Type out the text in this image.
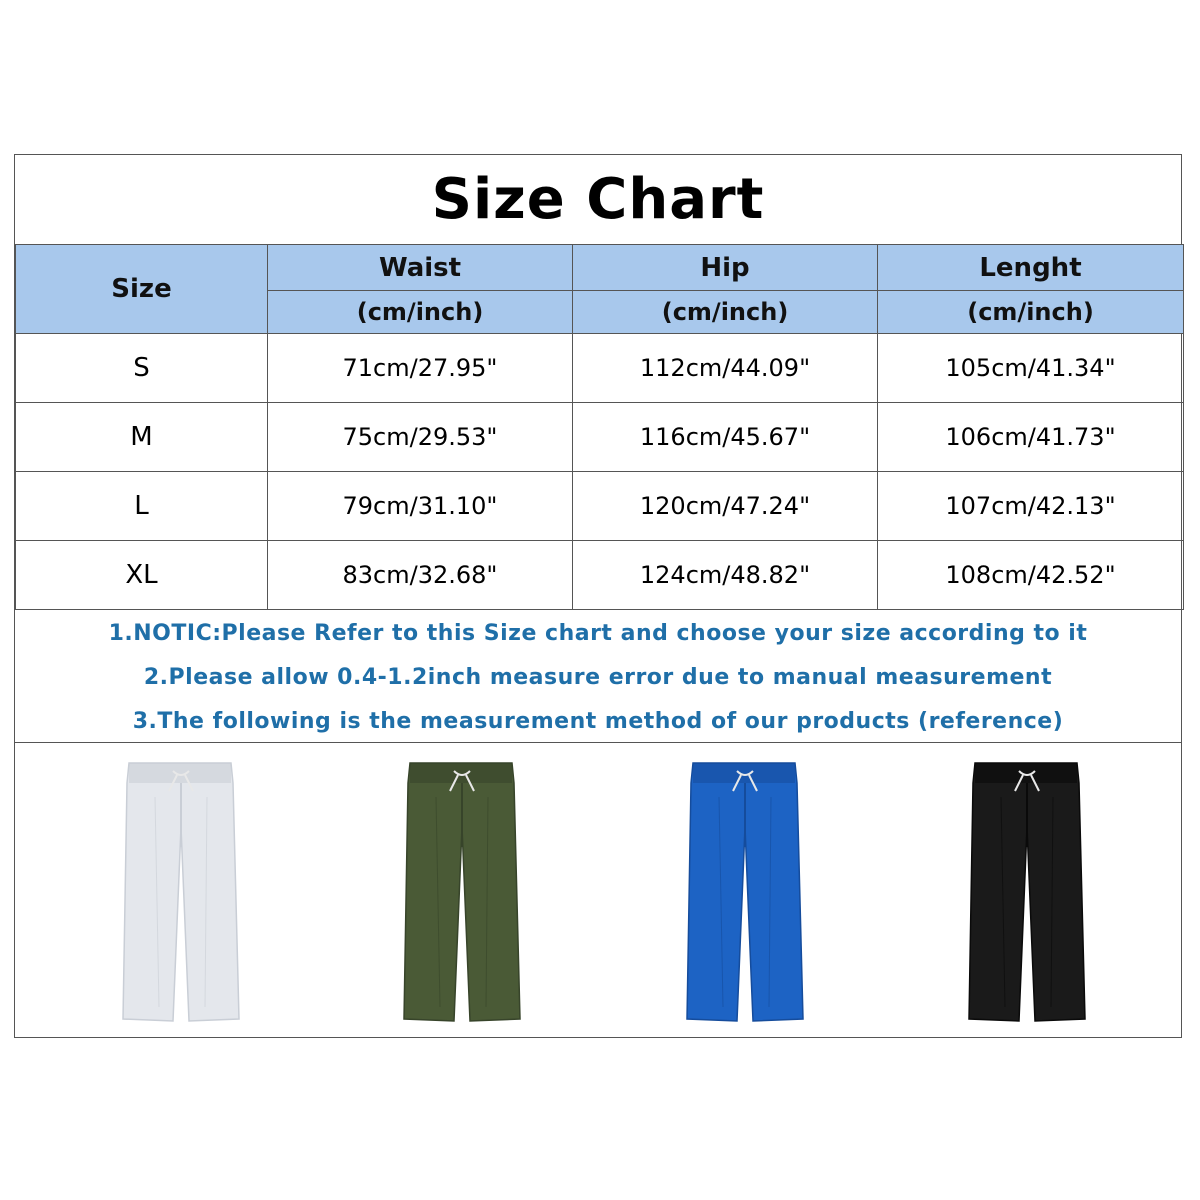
Size Chart
Size	Waist	Hip	Lenght
	(cm/inch)	(cm/inch)	(cm/inch)
S	71cm/27.95"	112cm/44.09"	105cm/41.34"
M	75cm/29.53"	116cm/45.67"	106cm/41.73"
L	79cm/31.10"	120cm/47.24"	107cm/42.13"
XL	83cm/32.68"	124cm/48.82"	108cm/42.52"
1.NOTIC:Please Refer to this Size chart and choose your size according to it
2.Please allow 0.4-1.2inch measure error due to manual measurement
3.The following is the measurement method of our products (reference)
